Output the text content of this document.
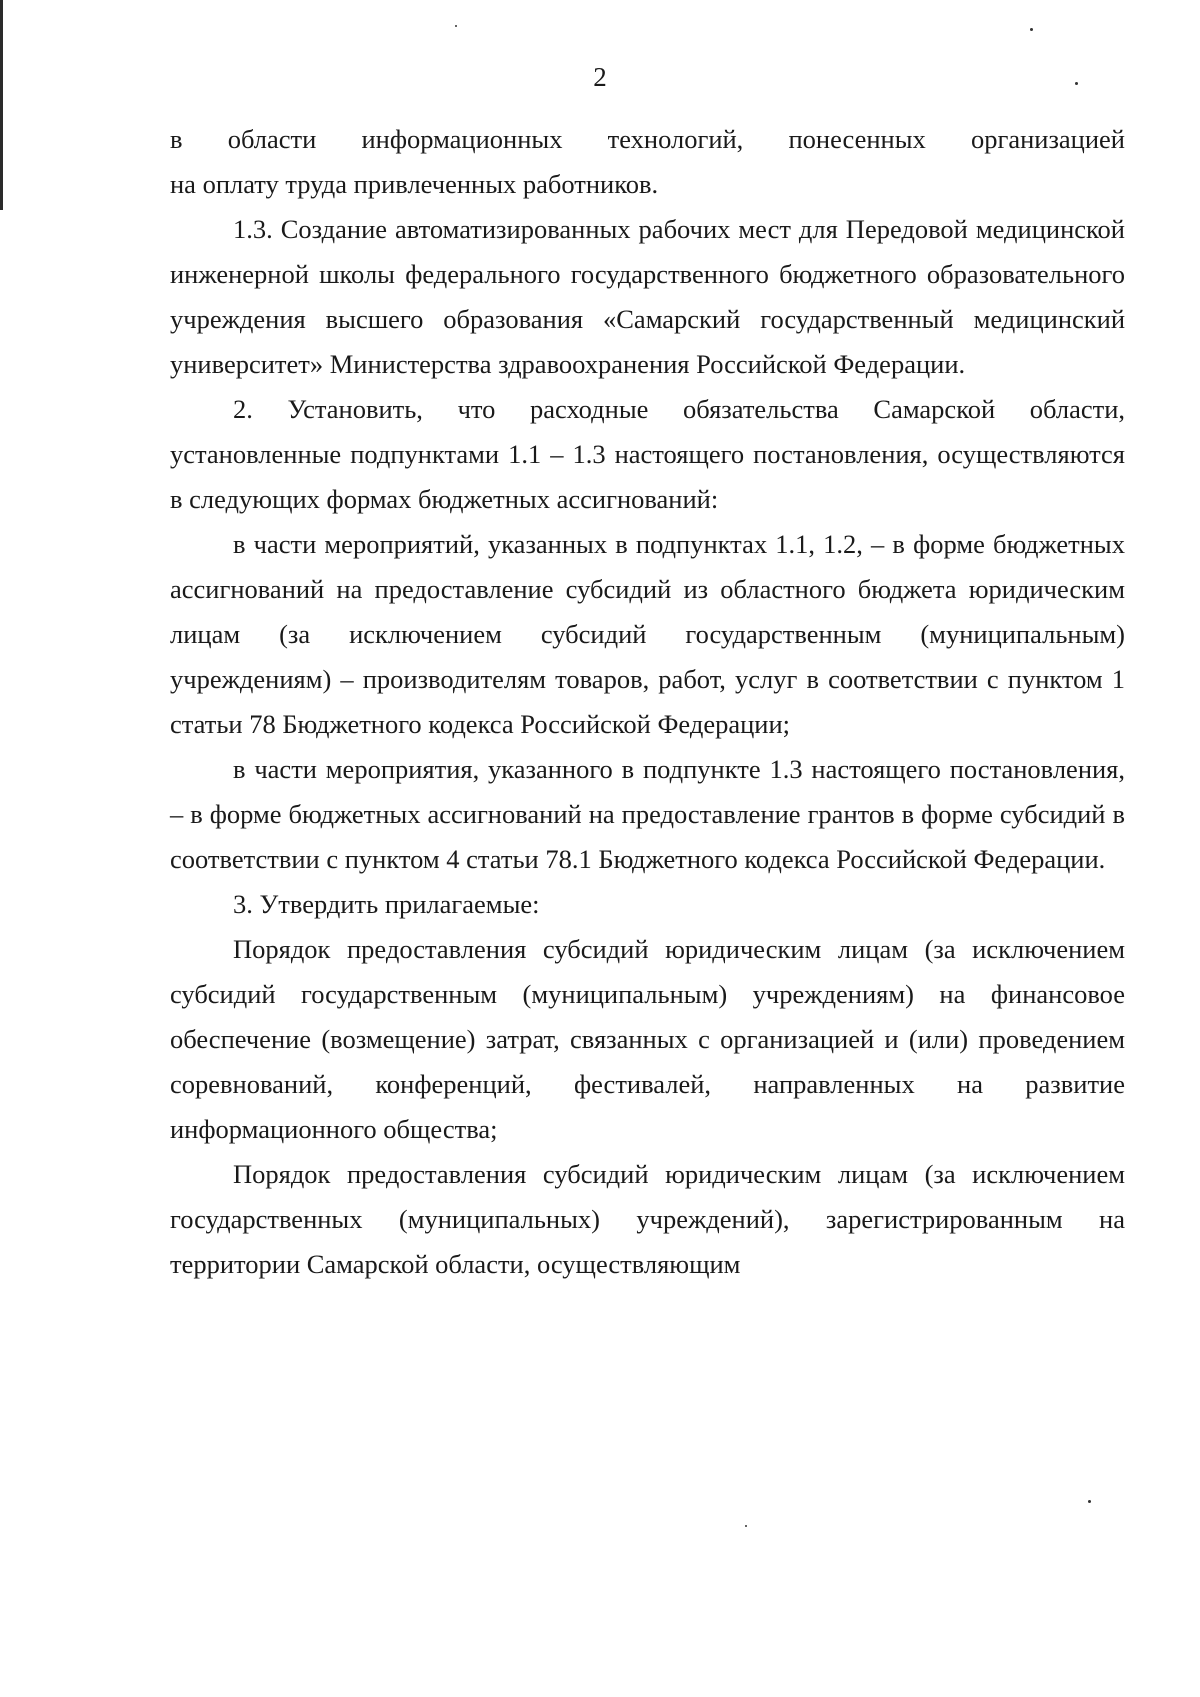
2

в области информационных технологий, понесенных организацией
на оплату труда привлеченных работников.

1.3. Создание автоматизированных рабочих мест для Передовой медицинской инженерной школы федерального государственного бюджетного образовательного учреждения высшего образования «Самарский государственный медицинский университет» Министерства здравоохранения Российской Федерации.

2. Установить, что расходные обязательства Самарской области, установленные подпунктами 1.1 – 1.3 настоящего постановления, осуществляются в следующих формах бюджетных ассигнований:

в части мероприятий, указанных в подпунктах 1.1, 1.2, – в форме бюджетных ассигнований на предоставление субсидий из областного бюджета юридическим лицам (за исключением субсидий государственным (муниципальным) учреждениям) – производителям товаров, работ, услуг в соответствии с пунктом 1 статьи 78 Бюджетного кодекса Российской Федерации;

в части мероприятия, указанного в подпункте 1.3 настоящего постановления, – в форме бюджетных ассигнований на предоставление грантов в форме субсидий в соответствии с пунктом 4 статьи 78.1 Бюджетного кодекса Российской Федерации.

3. Утвердить прилагаемые:

Порядок предоставления субсидий юридическим лицам (за исключением субсидий государственным (муниципальным) учреждениям) на финансовое обеспечение (возмещение) затрат, связанных с организацией и (или) проведением соревнований, конференций, фестивалей, направленных на развитие информационного общества;

Порядок предоставления субсидий юридическим лицам (за исключением государственных (муниципальных) учреждений), зарегистрированным на территории Самарской области, осуществляющим
